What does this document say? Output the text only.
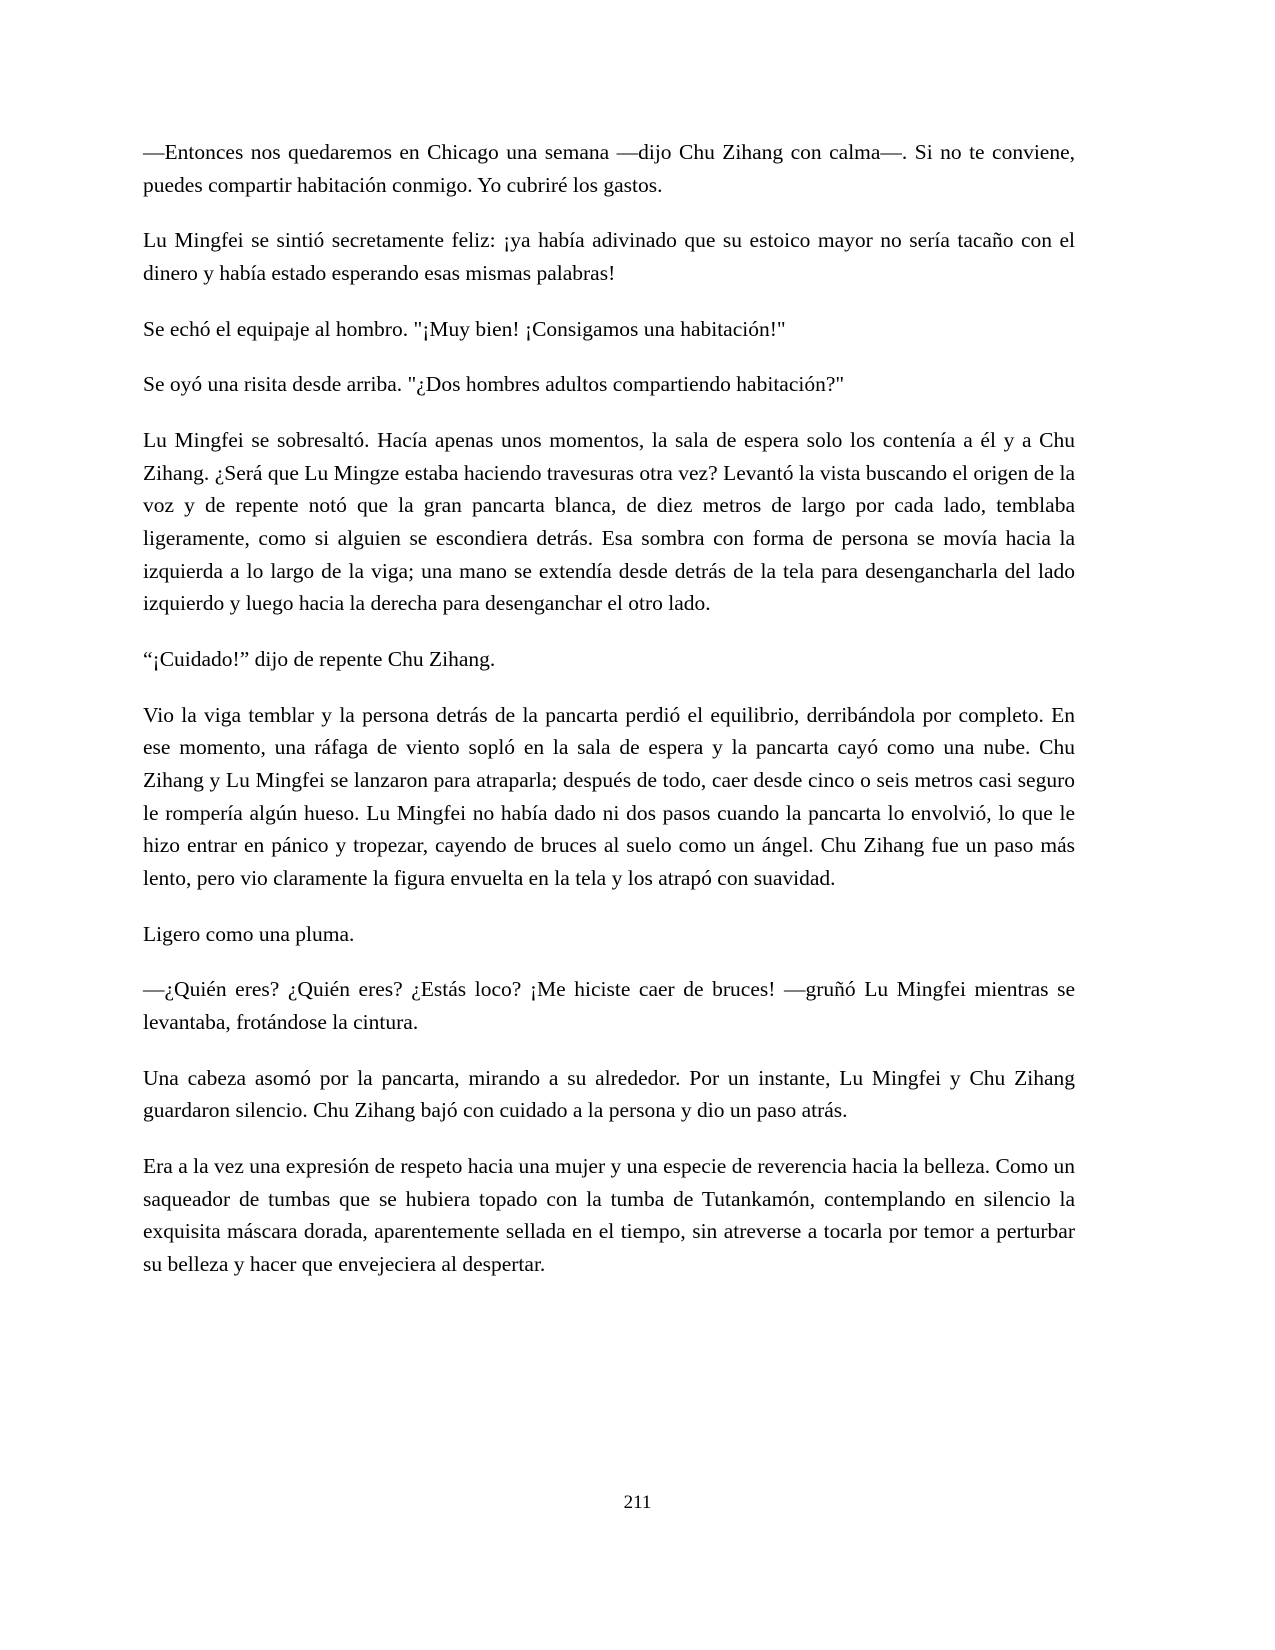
—Entonces nos quedaremos en Chicago una semana —dijo Chu Zihang con calma—. Si no te conviene, puedes compartir habitación conmigo. Yo cubriré los gastos.

Lu Mingfei se sintió secretamente feliz: ¡ya había adivinado que su estoico mayor no sería tacaño con el dinero y había estado esperando esas mismas palabras!

Se echó el equipaje al hombro. "¡Muy bien! ¡Consigamos una habitación!"

Se oyó una risita desde arriba. "¿Dos hombres adultos compartiendo habitación?"

Lu Mingfei se sobresaltó. Hacía apenas unos momentos, la sala de espera solo los contenía a él y a Chu Zihang. ¿Será que Lu Mingze estaba haciendo travesuras otra vez? Levantó la vista buscando el origen de la voz y de repente notó que la gran pancarta blanca, de diez metros de largo por cada lado, temblaba ligeramente, como si alguien se escondiera detrás. Esa sombra con forma de persona se movía hacia la izquierda a lo largo de la viga; una mano se extendía desde detrás de la tela para desengancharla del lado izquierdo y luego hacia la derecha para desenganchar el otro lado.

“¡Cuidado!” dijo de repente Chu Zihang.

Vio la viga temblar y la persona detrás de la pancarta perdió el equilibrio, derribándola por completo. En ese momento, una ráfaga de viento sopló en la sala de espera y la pancarta cayó como una nube. Chu Zihang y Lu Mingfei se lanzaron para atraparla; después de todo, caer desde cinco o seis metros casi seguro le rompería algún hueso. Lu Mingfei no había dado ni dos pasos cuando la pancarta lo envolvió, lo que le hizo entrar en pánico y tropezar, cayendo de bruces al suelo como un ángel. Chu Zihang fue un paso más lento, pero vio claramente la figura envuelta en la tela y los atrapó con suavidad.

Ligero como una pluma.

—¿Quién eres? ¿Quién eres? ¿Estás loco? ¡Me hiciste caer de bruces! —gruñó Lu Mingfei mientras se levantaba, frotándose la cintura.

Una cabeza asomó por la pancarta, mirando a su alrededor. Por un instante, Lu Mingfei y Chu Zihang guardaron silencio. Chu Zihang bajó con cuidado a la persona y dio un paso atrás.

Era a la vez una expresión de respeto hacia una mujer y una especie de reverencia hacia la belleza. Como un saqueador de tumbas que se hubiera topado con la tumba de Tutankamón, contemplando en silencio la exquisita máscara dorada, aparentemente sellada en el tiempo, sin atreverse a tocarla por temor a perturbar su belleza y hacer que envejeciera al despertar.

211
